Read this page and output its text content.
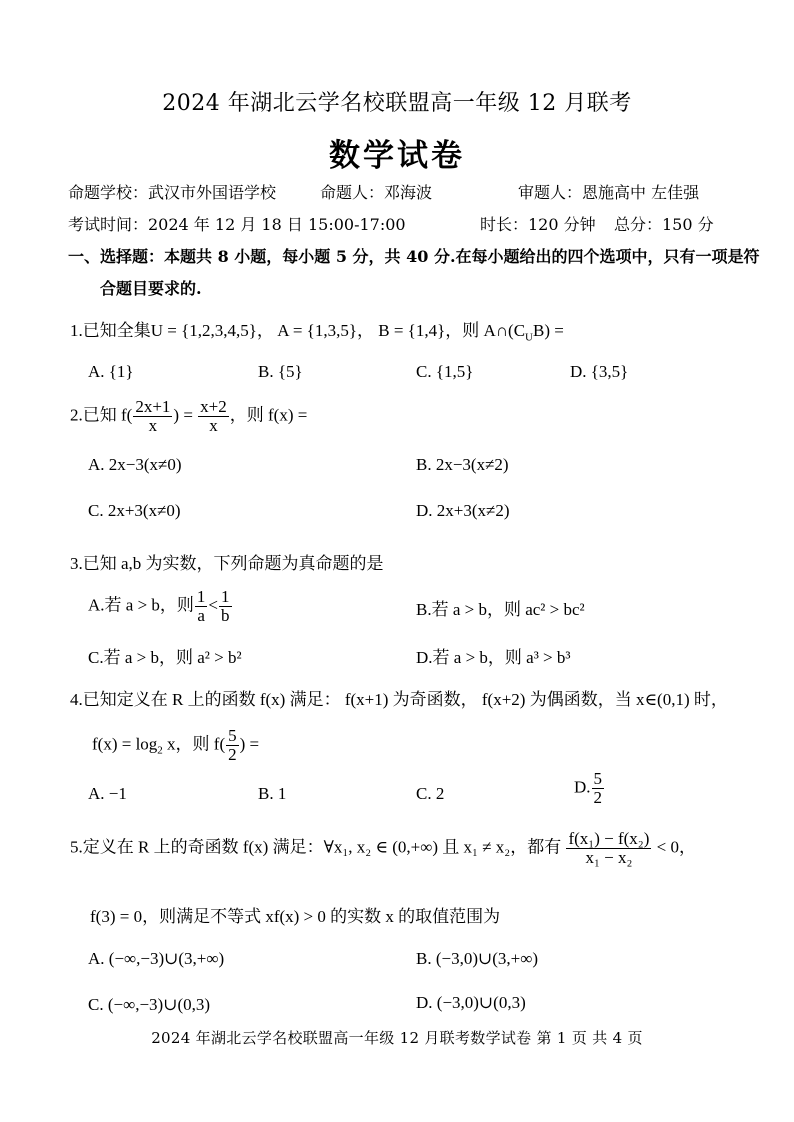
2024 年湖北云学名校联盟高一年级 12 月联考
数学试卷
命题学校：武汉市外国语学校	命题人：邓海波	审题人：恩施高中 左佳强
考试时间：2024 年 12 月 18 日 15:00-17:00	时长：120 分钟 总分：150 分
一、选择题：本题共 8 小题，每小题 5 分，共 40 分.在每小题给出的四个选项中，只有一项是符
合题目要求的.
1.已知全集U = {1,2,3,4,5}， A = {1,3,5}， B = {1,4}，则 $A\cap(C_UB)$ =
A. {1}	B. {5}	C. {1,5}	D. {3,5}
2.已知 $f( \frac{2x+1}{x}$ ) = $\frac{x+2}{x}$ ，则 f(x) =
A. 2x−3(x≠0)	B. 2x−3(x≠2)
C. 2x+3(x≠0)	D. 2x+3(x≠2)
3.已知 a,b 为实数，下列命题为真命题的是
A.若 a > b，则 $\frac{1}{a} < \frac{1}{b}$	B.若 a > b，则 ac² > bc²
C.若 a > b，则 a² > b²	D.若 a > b，则 a³ > b³
4.已知定义在 R 上的函数 f(x) 满足： f(x+1) 为奇函数， f(x+2) 为偶函数，当 x∈(0,1) 时，
$f(x) = \log_2 x$，则 $f( \frac{5}{2}$ ) =
A. −1	B. 1	C. 2	D. $\frac{5}{2}$
5.定义在 R 上的奇函数 f(x) 满足：∀x₁, x₂ ∈ (0,+∞) 且 x₁ ≠ x₂，都有 $\frac{\text{f(x₁) − f(x₂)}}{\text{x₁ − x₂}} < 0$，
f(3) = 0，则满足不等式 xf(x) > 0 的实数 x 的取值范围为
A. (−∞,−3)∪(3,+∞)	B. (−3,0)∪(3,+∞)
C. (−∞,−3)∪(0,3)	D. (−3,0)∪(0,3)
2024 年湖北云学名校联盟高一年级 12 月联考数学试卷 第 1 页 共 4 页
